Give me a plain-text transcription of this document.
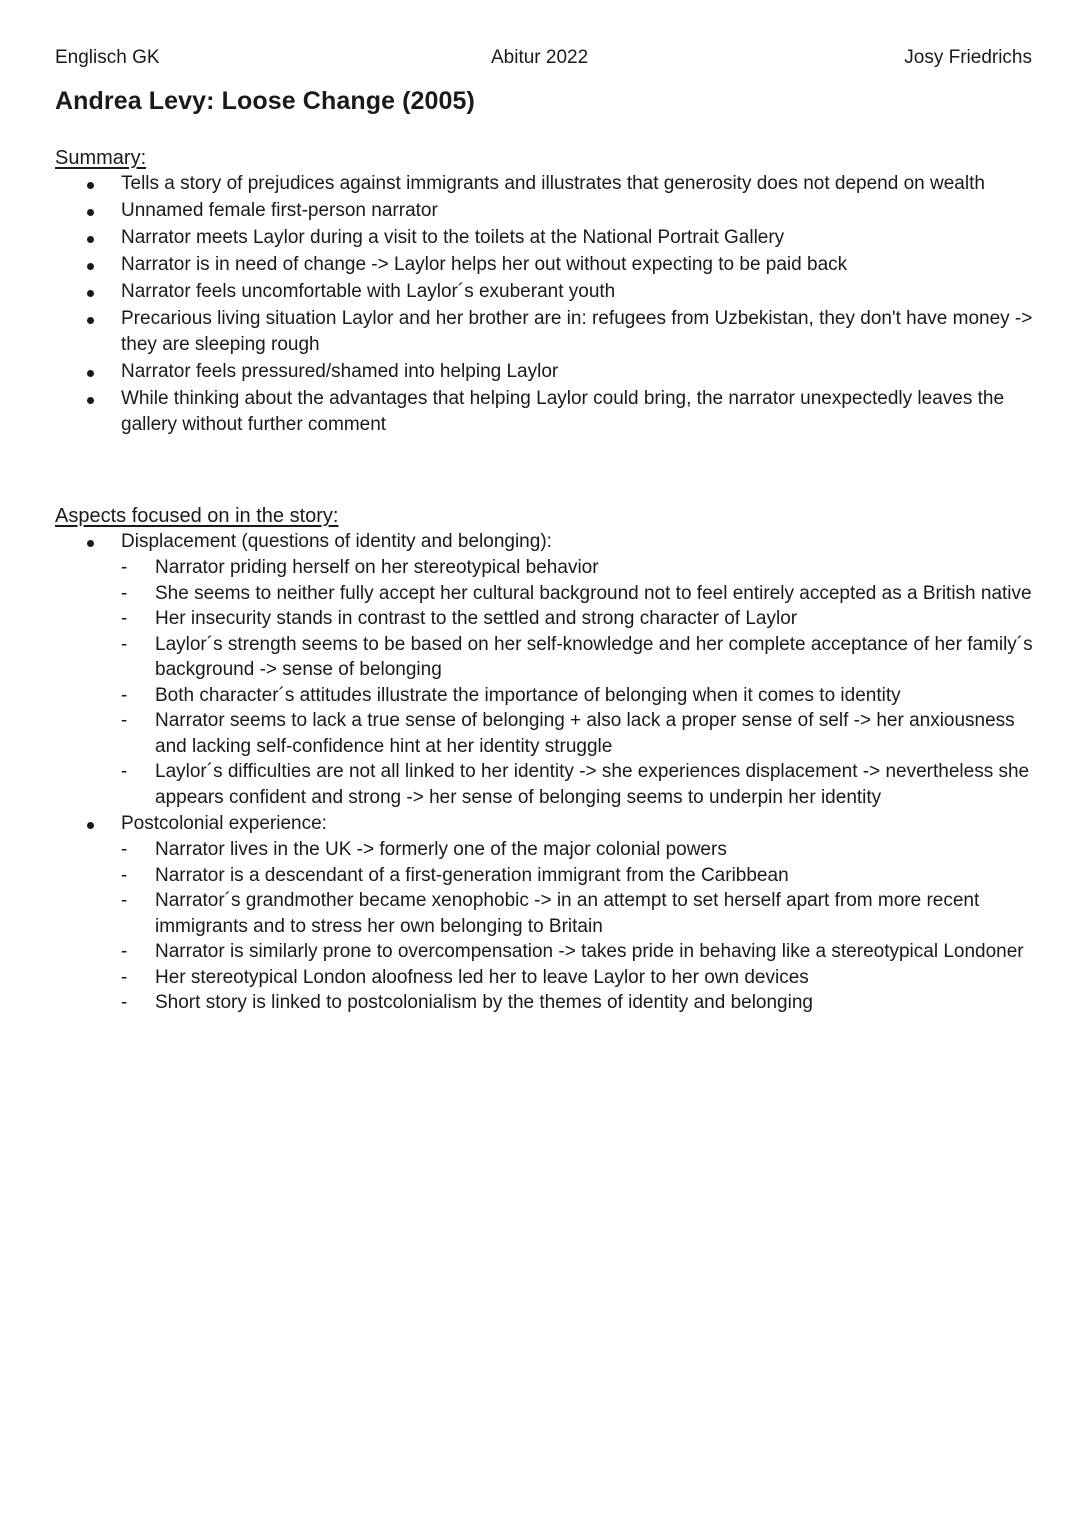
Englisch GK	Abitur 2022	Josy Friedrichs
Andrea Levy: Loose Change (2005)

Summary:

Tells a story of prejudices against immigrants and illustrates that generosity does not depend on wealth
Unnamed female first-person narrator
Narrator meets Laylor during a visit to the toilets at the National Portrait Gallery
Narrator is in need of change -> Laylor helps her out without expecting to be paid back
Narrator feels uncomfortable with Laylor´s exuberant youth
Precarious living situation Laylor and her brother are in: refugees from Uzbekistan, they don't have money -> they are sleeping rough
Narrator feels pressured/shamed into helping Laylor
While thinking about the advantages that helping Laylor could bring, the narrator unexpectedly leaves the gallery without further comment

Aspects focused on in the story:

Displacement (questions of identity and belonging):
- Narrator priding herself on her stereotypical behavior
- She seems to neither fully accept her cultural background not to feel entirely accepted as a British native
- Her insecurity stands in contrast to the settled and strong character of Laylor
- Laylor´s strength seems to be based on her self-knowledge and her complete acceptance of her family´s background -> sense of belonging
- Both character´s attitudes illustrate the importance of belonging when it comes to identity
- Narrator seems to lack a true sense of belonging + also lack a proper sense of self -> her anxiousness and lacking self-confidence hint at her identity struggle
- Laylor´s difficulties are not all linked to her identity -> she experiences displacement -> nevertheless she appears confident and strong -> her sense of belonging seems to underpin her identity
Postcolonial experience:
- Narrator lives in the UK -> formerly one of the major colonial powers
- Narrator is a descendant of a first-generation immigrant from the Caribbean
- Narrator´s grandmother became xenophobic -> in an attempt to set herself apart from more recent immigrants and to stress her own belonging to Britain
- Narrator is similarly prone to overcompensation -> takes pride in behaving like a stereotypical Londoner
- Her stereotypical London aloofness led her to leave Laylor to her own devices
- Short story is linked to postcolonialism by the themes of identity and belonging
